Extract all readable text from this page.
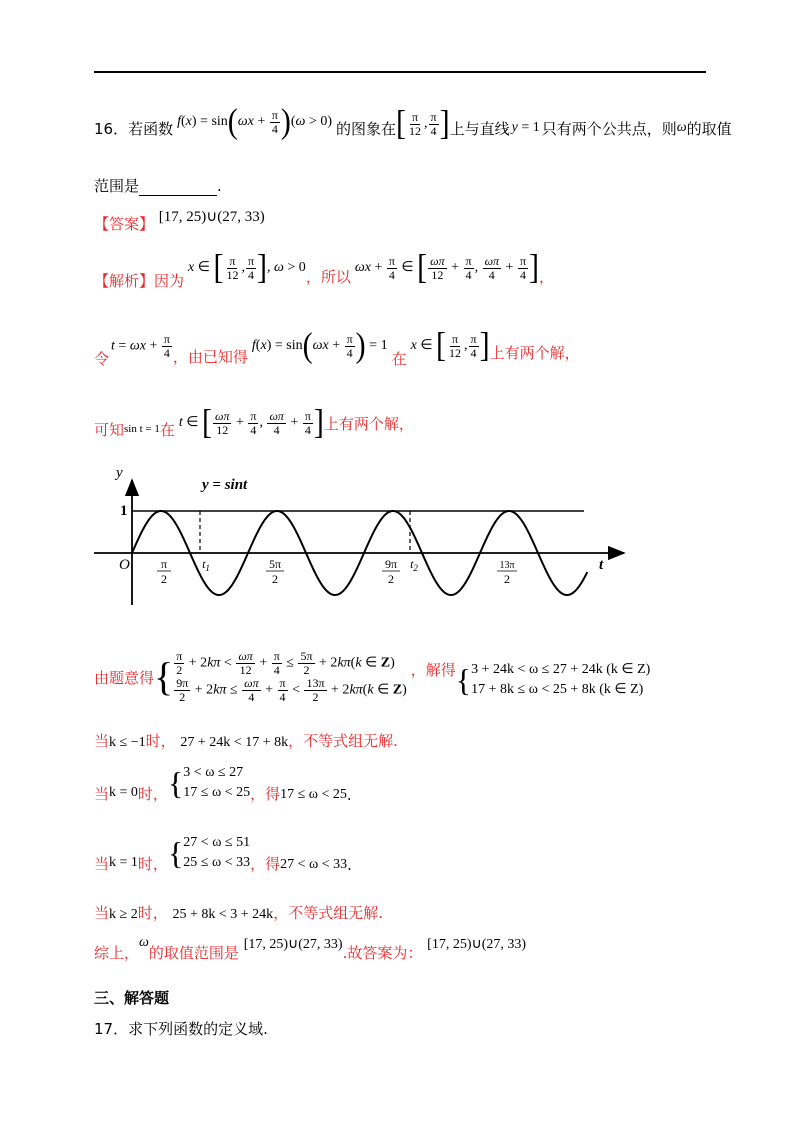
16． 若函数 $f(x) = \sin(\omega x + \frac{\pi}{4} )(\omega > 0)$ 的图象在 [ $\frac{\pi}{12}$ , $\frac{\pi}{4}$ ] 上与直线 y = 1 只有两个公共点，则 ω 的取值
范围是	.
【答案】 [17, 25)∪(27, 33)
【解析】 因为
x ∈ [ $\frac{\pi}{12}$ , $\frac{\pi}{4}$ ], ω > 0 ，所以 $\omega x + \frac{\pi}{4}$ ∈ [ $\frac{\omega\pi}{12} + \frac{\pi}{4}$ , $\frac{\omega\pi}{4} + \frac{\pi}{4}$ ] ，
令
$t = \omega x + \frac{\pi}{4}$ ，由已知得
$f(x) = \sin(\omega x + \frac{\pi}{4}$ ) = 1
在
x ∈ [ $\frac{\pi}{12}$ , $\frac{\pi}{4}$ ] 上有两个解，
可知 sin t = 1 在 t ∈ [ $\frac{\omega\pi}{12} + \frac{\pi}{4}$ , $\frac{\omega\pi}{4} + \frac{\pi}{4}$ ] 上有两个解，
y
t
O
1
y = sint
π
2
$t_1$	5π
2
9π
2
$t_2$	13π
2
由题意得 { $\frac{\pi}{2} + 2k\pi < \frac{\omega\pi}{12} + \frac{\pi}{4} \le \frac{5\pi}{2} + 2k\pi(k$ ∈ Z)
$\frac{9\pi}{2} + 2k\pi \le \frac{\omega\pi}{4} + \frac{\pi}{4} < \frac{13\pi}{2} + 2k\pi(k$ ∈ Z)
，解得 { 3 + 24k < ω ≤ 27 + 24k (k ∈ Z)
17 + 8k ≤ ω < 25 + 8k (k ∈ Z)
当k ≤ −1时， 27 + 24k < 17 + 8k，不等式组无解.
当 k = 0 时， { 3 < ω ≤ 27
17 ≤ ω < 25 ，得 17 ≤ ω < 25 .
当 k = 1 时， { 27 < ω ≤ 51
25 ≤ ω < 33 ，得 27 < ω < 33 .
当k ≥ 2时， 25 + 8k < 3 + 24k，不等式组无解.
综上，ω的取值范围是 [17, 25)∪(27, 33).故答案为： [17, 25)∪(27, 33)
三、解答题
17．求下列函数的定义域.
